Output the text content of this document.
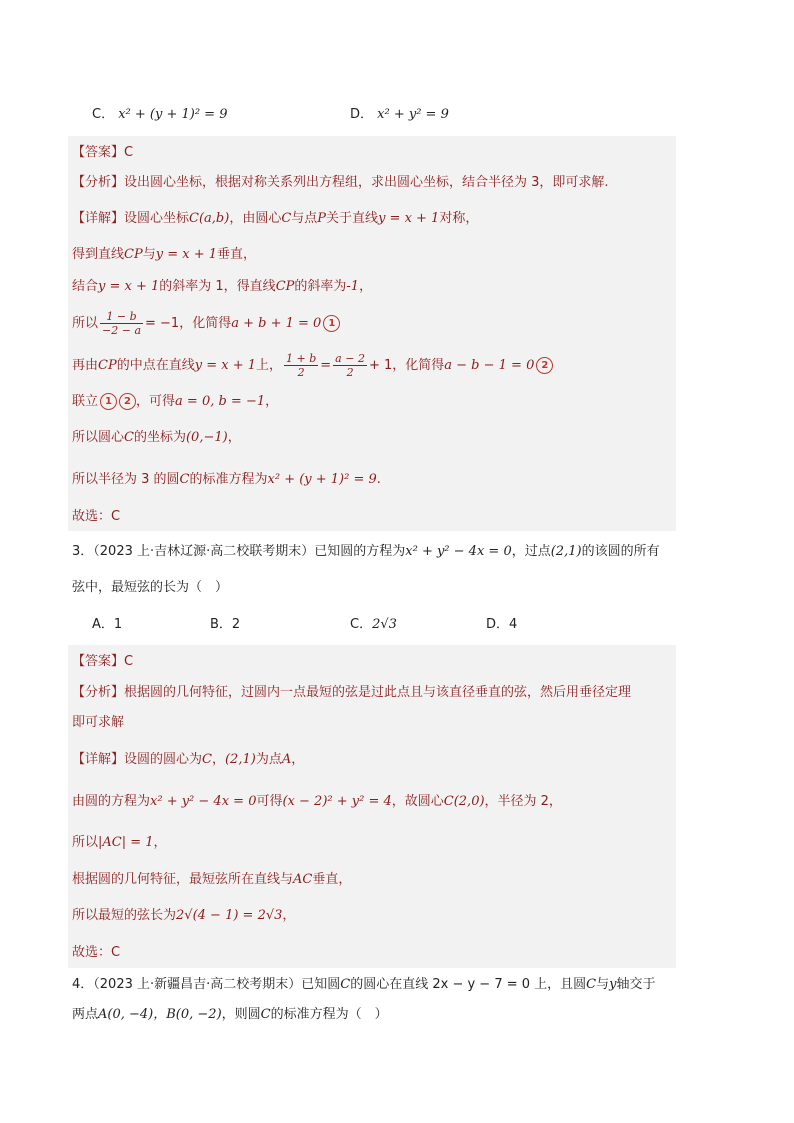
C． x² + (y + 1)² = 9	D． x² + y² = 9
【答案】C
【分析】设出圆心坐标，根据对称关系列出方程组，求出圆心坐标，结合半径为 3，即可求解.
【详解】设圆心坐标C(a,b)，由圆心C与点P关于直线y = x + 1对称，
得到直线CP与y = x + 1垂直，
结合y = x + 1的斜率为 1，得直线CP的斜率为-1，
所以 $\frac{1 - b}{-2 - a} = -1$，化简得a + b + 1 = 0 1
再由CP的中点在直线y = x + 1上， $\frac{1 + b}{2} = \frac{a - 2}{2} + 1$，化简得a − b − 1 = 0 2
联立 1 2 ，可得a = 0, b = −1，
所以圆心C的坐标为(0,−1)，
所以半径为 3 的圆C的标准方程为x² + (y + 1)² = 9.
故选：C
3．（2023 上·吉林辽源·高二校联考期末）已知圆的方程为x² + y² − 4x = 0，过点(2,1)的该圆的所有
弦中，最短弦的长为（　）
A．1	B．2	C．2√3	D．4
【答案】C
【分析】根据圆的几何特征，过圆内一点最短的弦是过此点且与该直径垂直的弦，然后用垂径定理
即可求解
【详解】设圆的圆心为C，(2,1)为点A，
由圆的方程为x² + y² − 4x = 0可得(x − 2)² + y² = 4，故圆心C(2,0)，半径为 2，
所以|AC| = 1，
根据圆的几何特征，最短弦所在直线与AC垂直，
所以最短的弦长为2√(4 − 1) = 2√3，
故选：C
4．（2023 上·新疆昌吉·高二校考期末）已知圆C的圆心在直线 2x − y − 7 = 0 上，且圆C与y轴交于
两点A(0, −4)，B(0, −2)，则圆C的标准方程为（　）
